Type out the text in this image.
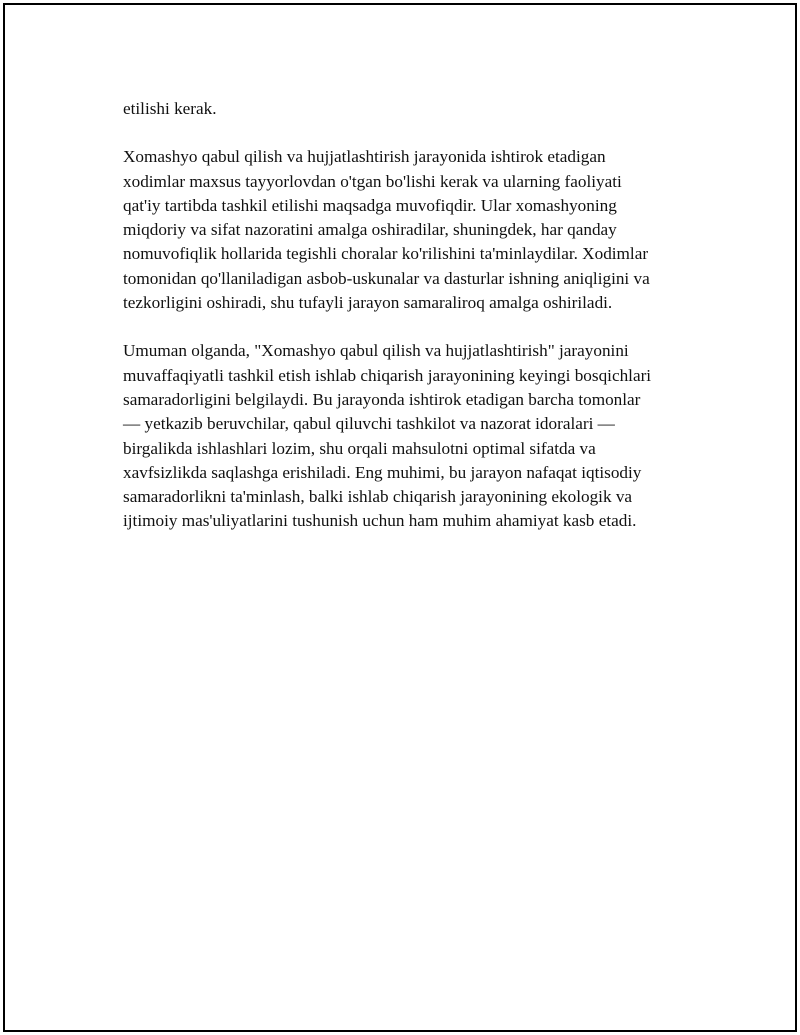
etilishi kerak.

Xomashyo qabul qilish va hujjatlashtirish jarayonida ishtirok etadigan
xodimlar maxsus tayyorlovdan o'tgan bo'lishi kerak va ularning faoliyati
qat'iy tartibda tashkil etilishi maqsadga muvofiqdir. Ular xomashyoning
miqdoriy va sifat nazoratini amalga oshiradilar, shuningdek, har qanday
nomuvofiqlik hollarida tegishli choralar ko'rilishini ta'minlaydilar. Xodimlar
tomonidan qo'llaniladigan asbob-uskunalar va dasturlar ishning aniqligini va
tezkorligini oshiradi, shu tufayli jarayon samaraliroq amalga oshiriladi.

Umuman olganda, "Xomashyo qabul qilish va hujjatlashtirish" jarayonini
muvaffaqiyatli tashkil etish ishlab chiqarish jarayonining keyingi bosqichlari
samaradorligini belgilaydi. Bu jarayonda ishtirok etadigan barcha tomonlar
— yetkazib beruvchilar, qabul qiluvchi tashkilot va nazorat idoralari —
birgalikda ishlashlari lozim, shu orqali mahsulotni optimal sifatda va
xavfsizlikda saqlashga erishiladi. Eng muhimi, bu jarayon nafaqat iqtisodiy
samaradorlikni ta'minlash, balki ishlab chiqarish jarayonining ekologik va
ijtimoiy mas'uliyatlarini tushunish uchun ham muhim ahamiyat kasb etadi.
